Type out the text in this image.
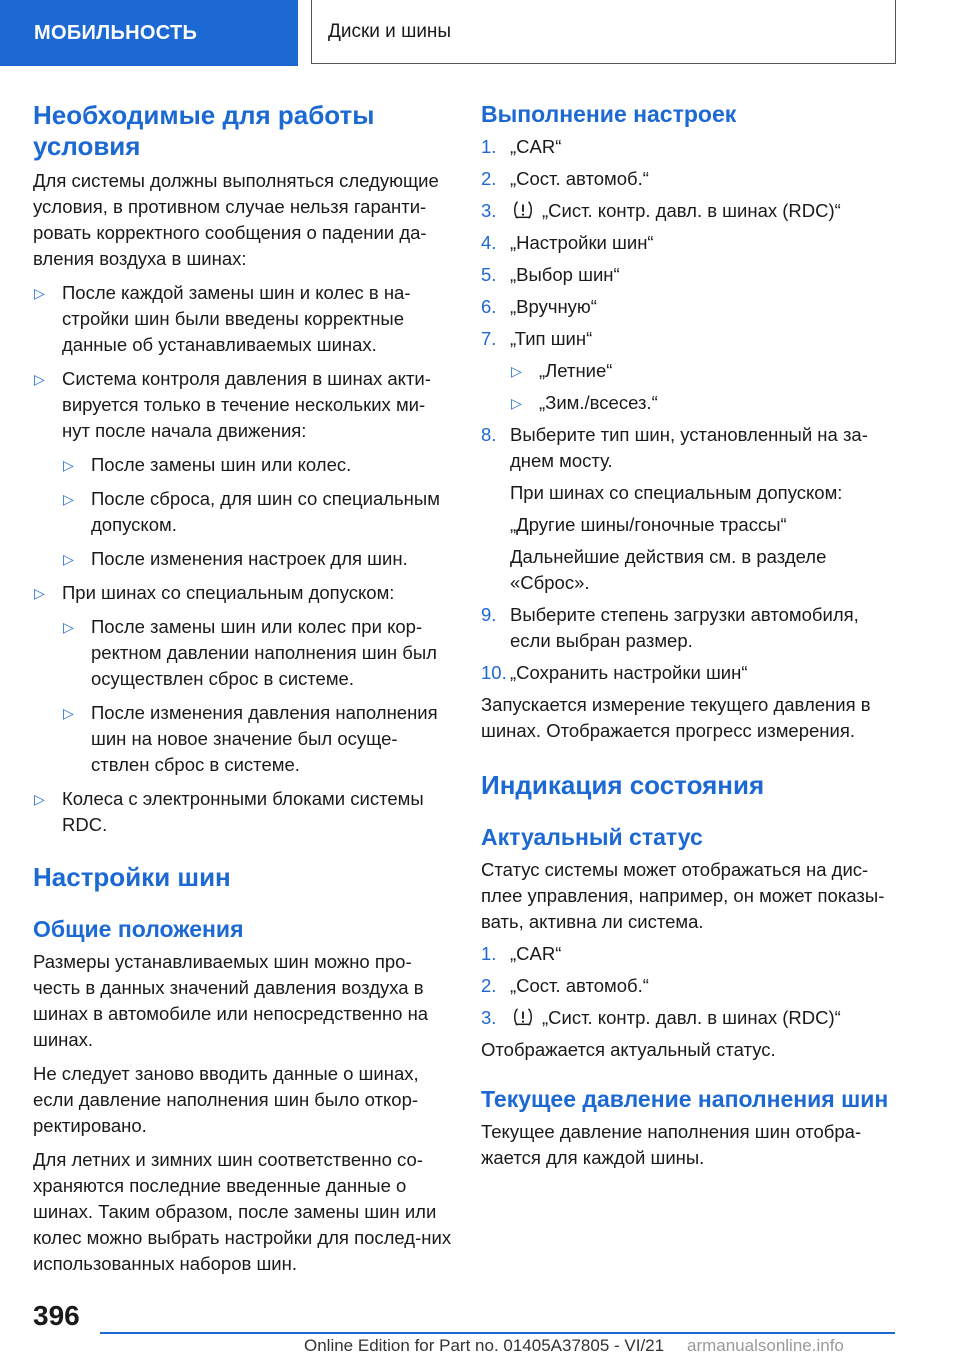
МОБИЛЬНОСТЬ	Диски и шины
Необходимые для работы условия

Для системы должны выполняться следующие условия, в противном случае нельзя гаранти-ровать корректного сообщения о падении да-вления воздуха в шинах:

▷ После каждой замены шин и колес в на-стройки шин были введены корректные данные об устанавливаемых шинах.
▷ Система контроля давления в шинах акти-вируется только в течение нескольких ми-нут после начала движения:
▷ После замены шин или колес.
▷ После сброса, для шин со специальным допуском.
▷ После изменения настроек для шин.
▷ При шинах со специальным допуском:
▷ После замены шин или колес при кор-ректном давлении наполнения шин был осуществлен сброс в системе.
▷ После изменения давления наполнения шин на новое значение был осуще-ствлен сброс в системе.
▷ Колеса с электронными блоками системы RDC.
Настройки шин
Общие положения

Размеры устанавливаемых шин можно про-честь в данных значений давления воздуха в шинах в автомобиле или непосредственно на шинах.

Не следует заново вводить данные о шинах, если давление наполнения шин было откор-ректировано.

Для летних и зимних шин соответственно со-храняются последние введенные данные о шинах. Таким образом, после замены шин или колес можно выбрать настройки для послед-них использованных наборов шин.

Выполнение настроек
1. „CAR“
2. „Сост. автомоб.“
3. „Сист. контр. давл. в шинах (RDC)“
4. „Настройки шин“
5. „Выбор шин“
6. „Вручную“
7. „Тип шин“
▷ „Летние“
▷ „Зим./всесез.“
8. Выберите тип шин, установленный на за-днем мосту.

При шинах со специальным допуском:

„Другие шины/гоночные трассы“

Дальнейшие действия см. в разделе «Сброс».

9. Выберите степень загрузки автомобиля, если выбран размер.
10. „Сохранить настройки шин“

Запускается измерение текущего давления в шинах. Отображается прогресс измерения.

Индикация состояния
Актуальный статус

Статус системы может отображаться на дис-плее управления, например, он может показы-вать, активна ли система.

1. „CAR“
2. „Сост. автомоб.“
3. „Сист. контр. давл. в шинах (RDC)“

Отображается актуальный статус.

Текущее давление наполнения шин

Текущее давление наполнения шин отобра-жается для каждой шины.

396
Online Edition for Part no. 01405A37805 - VI/21 armanualsonline.info
